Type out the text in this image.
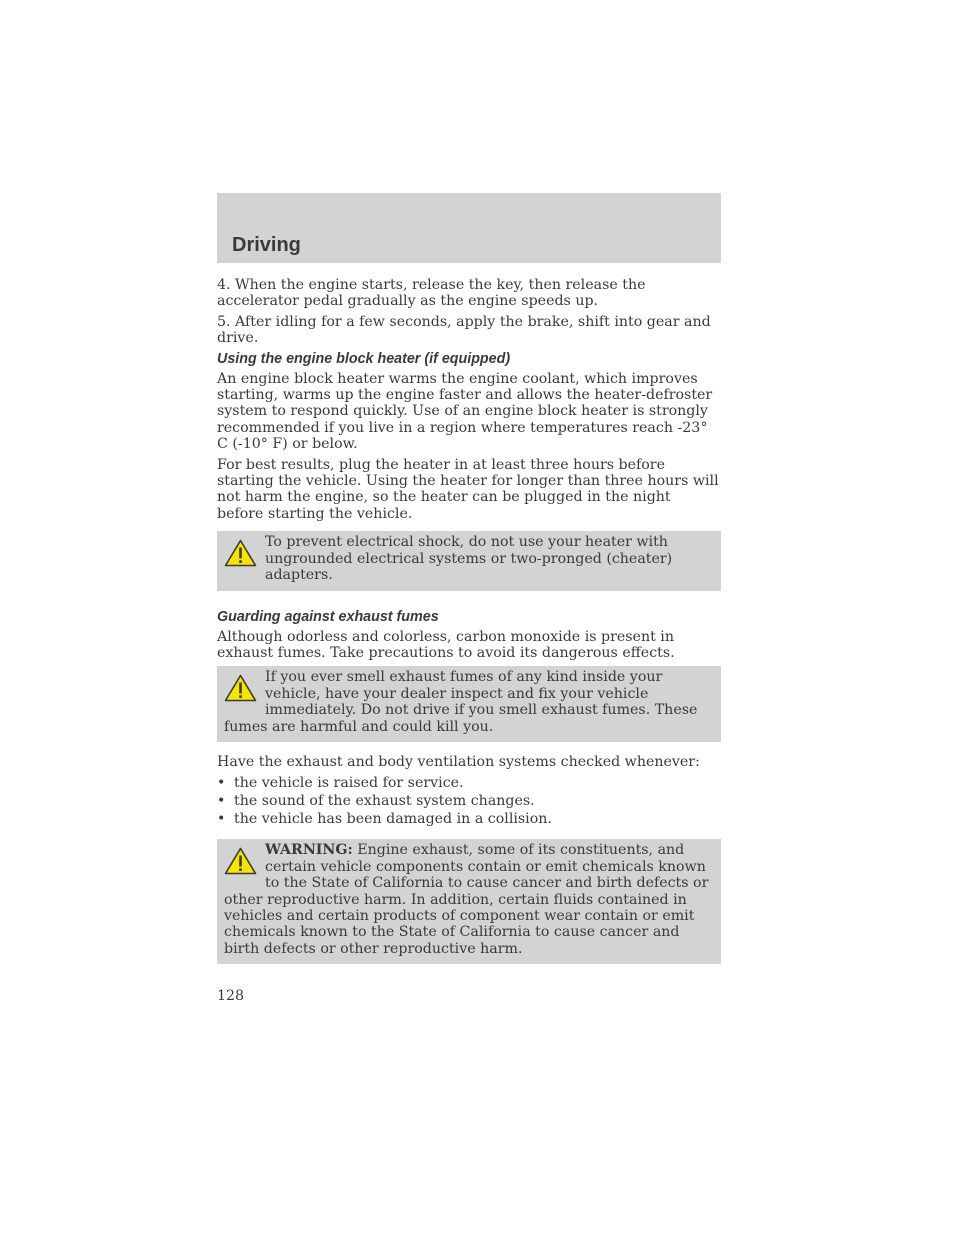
Driving

4. When the engine starts, release the key, then release the accelerator pedal gradually as the engine speeds up.

5. After idling for a few seconds, apply the brake, shift into gear and drive.

Using the engine block heater (if equipped)

An engine block heater warms the engine coolant, which improves starting, warms up the engine faster and allows the heater-defroster system to respond quickly. Use of an engine block heater is strongly recommended if you live in a region where temperatures reach -23° C (-10° F) or below.

For best results, plug the heater in at least three hours before starting the vehicle. Using the heater for longer than three hours will not harm the engine, so the heater can be plugged in the night before starting the vehicle.

To prevent electrical shock, do not use your heater with ungrounded electrical systems or two-pronged (cheater) adapters.

Guarding against exhaust fumes

Although odorless and colorless, carbon monoxide is present in exhaust fumes. Take precautions to avoid its dangerous effects.

If you ever smell exhaust fumes of any kind inside your vehicle, have your dealer inspect and fix your vehicle immediately. Do not drive if you smell exhaust fumes. These fumes are harmful and could kill you.

Have the exhaust and body ventilation systems checked whenever:

• the vehicle is raised for service.
• the sound of the exhaust system changes.
• the vehicle has been damaged in a collision.

WARNING: Engine exhaust, some of its constituents, and certain vehicle components contain or emit chemicals known to the State of California to cause cancer and birth defects or other reproductive harm. In addition, certain fluids contained in vehicles and certain products of component wear contain or emit chemicals known to the State of California to cause cancer and birth defects or other reproductive harm.

128
